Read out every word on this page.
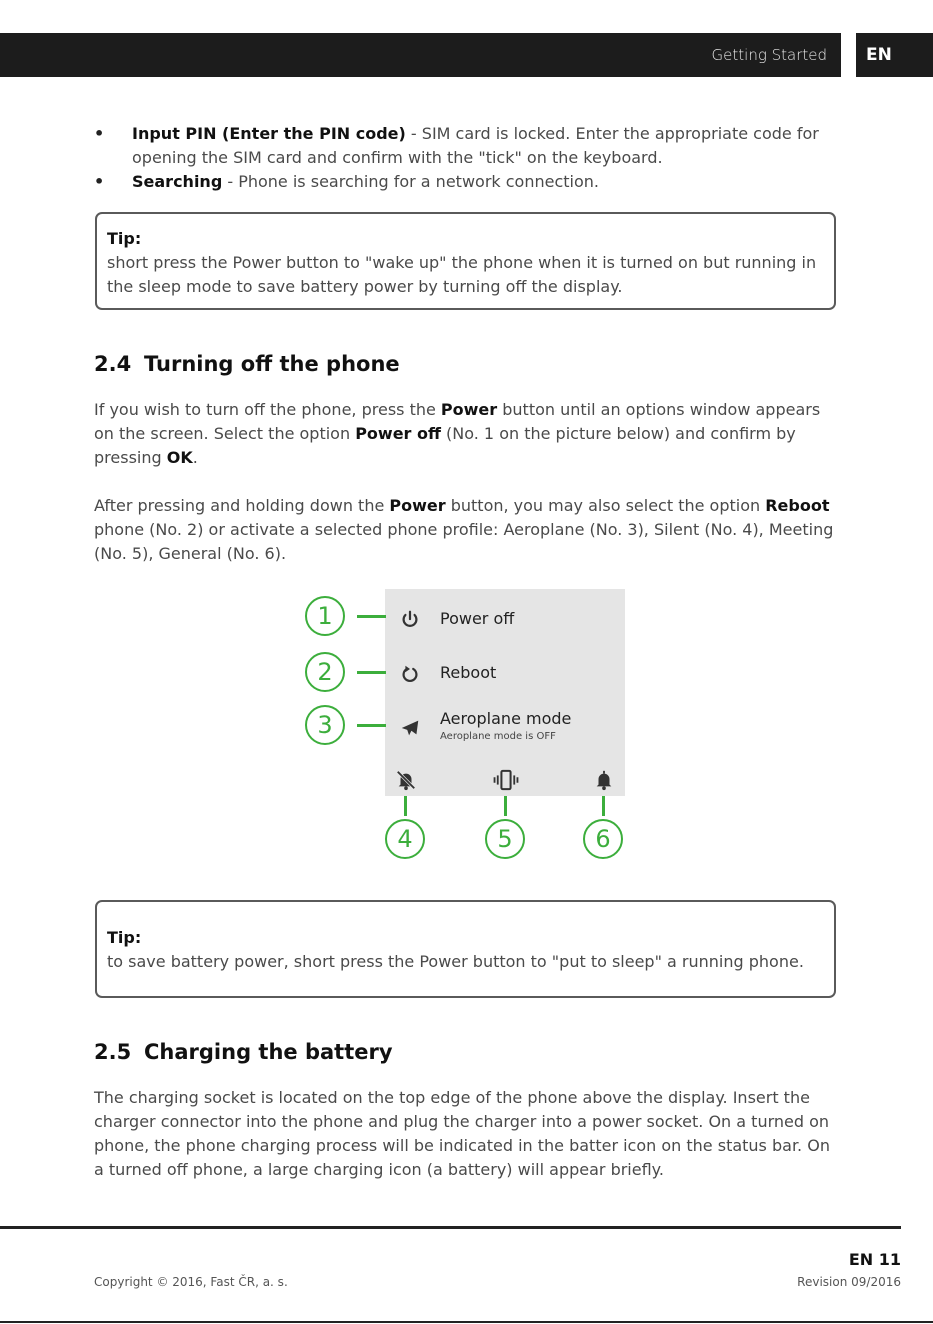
Getting Started	EN
• Input PIN (Enter the PIN code) - SIM card is locked. Enter the appropriate code for opening the SIM card and confirm with the "tick" on the keyboard.
• Searching - Phone is searching for a network connection.
Tip:
short press the Power button to "wake up" the phone when it is turned on but running in the sleep mode to save battery power by turning off the display.
2.4 Turning off the phone
If you wish to turn off the phone, press the Power button until an options window appears on the screen. Select the option Power off (No. 1 on the picture below) and confirm by pressing OK.
After pressing and holding down the Power button, you may also select the option Reboot phone (No. 2) or activate a selected phone profile: Aeroplane (No. 3), Silent (No. 4), Meeting (No. 5), General (No. 6).
Power off
Reboot
Aeroplane mode
Aeroplane mode is OFF
1
2
3
4	5	6
Tip:
to save battery power, short press the Power button to "put to sleep" a running phone.
2.5 Charging the battery
The charging socket is located on the top edge of the phone above the display. Insert the charger connector into the phone and plug the charger into a power socket. On a turned on phone, the phone charging process will be indicated in the batter icon on the status bar. On a turned off phone, a large charging icon (a battery) will appear briefly.
EN 11
Copyright © 2016, Fast ČR, a. s.	Revision 09/2016
